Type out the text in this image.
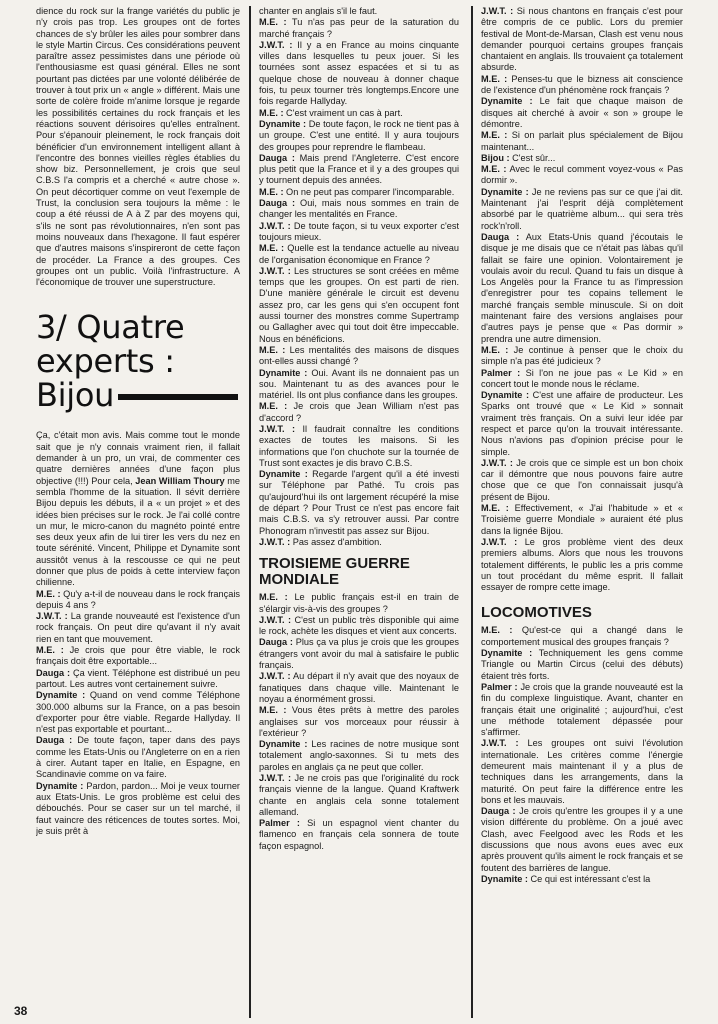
dience du rock sur la frange variétés du public je n'y crois pas trop. Les groupes ont de fortes chances de s'y brûler les ailes pour sombrer dans le style Martin Circus. Ces considérations peuvent paraître assez pessimistes dans une période où l'enthousiasme est quasi général. Elles ne sont pourtant pas dictées par une volonté délibérée de trouver à tout prix un « angle » différent. Mais une sorte de colère froide m'anime lorsque je regarde les possibilités certaines du rock français et les réactions souvent dérisoires qu'elles entraînent. Pour s'épanouir pleinement, le rock français doit bénéficier d'un environnement intelligent allant à l'encontre des bonnes vieilles règles établies du show biz. Personnellement, je crois que seul C.B.S l'a compris et a cherché « autre chose ». On peut décortiquer comme on veut l'exemple de Trust, la conclusion sera toujours la même : le coup a été réussi de A à Z par des moyens qui, s'ils ne sont pas révolutionnaires, n'en sont pas moins nouveaux dans l'hexagone. Il faut espérer que d'autres maisons s'inspireront de cette façon de procéder. La France a des groupes. Ces groupes ont un public. Voilà l'infrastructure. A l'économique de trouver une superstructure.

3/ Quatre experts : Bijou

Ça, c'était mon avis. Mais comme tout le monde sait que je n'y connais vraiment rien, il fallait demander à un pro, un vrai, de commenter ces quatre dernières années d'une façon plus objective (!!!) Pour cela, Jean William Thoury me sembla l'homme de la situation. Il sévit derrière Bijou depuis les débuts, il a « un projet » et des idées bien précises sur le rock. Je l'ai collé contre un mur, le micro-canon du magnéto pointé entre ses deux yeux afin de lui tirer les vers du nez en toute sérénité. Vincent, Philippe et Dynamite sont aussitôt venus à la rescousse ce qui ne peut donner que plus de poids à cette interview façon chilienne.

M.E. : Qu'y a-t-il de nouveau dans le rock français depuis 4 ans ?

J.W.T. : La grande nouveauté est l'existence d'un rock français. On peut dire qu'avant il n'y avait rien en tant que mouvement.

M.E. : Je crois que pour être viable, le rock français doit être exportable...

Dauga : Ça vient. Téléphone est distribué un peu partout. Les autres vont certainement suivre.

Dynamite : Quand on vend comme Téléphone 300.000 albums sur la France, on a pas besoin d'exporter pour être viable. Regarde Hallyday. Il n'est pas exportable et pourtant...

Dauga : De toute façon, taper dans des pays comme les Etats-Unis ou l'Angleterre on en a rien à cirer. Autant taper en Italie, en Espagne, en Scandinavie comme on va faire.

Dynamite : Pardon, pardon... Moi je veux tourner aux Etats-Unis. Le gros problème est celui des débouchés. Pour se caser sur un tel marché, il faut vaincre des réticences de toutes sortes. Moi, je suis prêt à

chanter en anglais s'il le faut.

M.E. : Tu n'as pas peur de la saturation du marché français ?

J.W.T. : Il y a en France au moins cinquante villes dans lesquelles tu peux jouer. Si les tournées sont assez espacées et si tu as quelque chose de nouveau à donner chaque fois, tu peux tourner très longtemps.Encore une fois regarde Hallyday.

M.E. : C'est vraiment un cas à part.

Dynamite : De toute façon, le rock ne tient pas à un groupe. C'est une entité. Il y aura toujours des groupes pour reprendre le flambeau.

Dauga : Mais prend l'Angleterre. C'est encore plus petit que la France et il y a des groupes qui y tournent depuis des années.

M.E. : On ne peut pas comparer l'incomparable.

Dauga : Oui, mais nous sommes en train de changer les mentalités en France.

J.W.T. : De toute façon, si tu veux exporter c'est toujours mieux.

M.E. : Quelle est la tendance actuelle au niveau de l'organisation économique en France ?

J.W.T. : Les structures se sont créées en même temps que les groupes. On est parti de rien. D'une manière générale le circuit est devenu assez pro, car les gens qui s'en occupent font aussi tourner des monstres comme Supertramp ou Gallagher avec qui tout doit être impeccable. Nous en bénéficions.

M.E. : Les mentalités des maisons de disques ont-elles aussi changé ?

Dynamite : Oui. Avant ils ne donnaient pas un sou. Maintenant tu as des avances pour le matériel. Ils ont plus confiance dans les groupes.

M.E. : Je crois que Jean William n'est pas d'accord ?

J.W.T. : Il faudrait connaître les conditions exactes de toutes les maisons. Si les informations que l'on chuchote sur la tournée de Trust sont exactes je dis bravo C.B.S.

Dynamite : Regarde l'argent qu'il a été investi sur Téléphone par Pathé. Tu crois pas qu'aujourd'hui ils ont largement récupéré la mise de départ ? Pour Trust ce n'est pas encore fait mais C.B.S. va s'y retrouver aussi. Par contre Phonogram n'investit pas assez sur Bijou.

J.W.T. : Pas assez d'ambition.

TROISIEME GUERRE MONDIALE

M.E. : Le public français est-il en train de s'élargir vis-à-vis des groupes ?

J.W.T. : C'est un public très disponible qui aime le rock, achète les disques et vient aux concerts.

Dauga : Plus ça va plus je crois que les groupes étrangers vont avoir du mal à satisfaire le public français.

J.W.T. : Au départ il n'y avait que des noyaux de fanatiques dans chaque ville. Maintenant le noyau a énormément grossi.

M.E. : Vous êtes prêts à mettre des paroles anglaises sur vos morceaux pour réussir à l'extérieur ?

Dynamite : Les racines de notre musique sont totalement anglo-saxonnes. Si tu mets des paroles en anglais ça ne peut que coller.

J.W.T. : Je ne crois pas que l'originalité du rock français vienne de la langue. Quand Kraftwerk chante en anglais cela sonne totalement allemand.

Palmer : Si un espagnol vient chanter du flamenco en français cela sonnera de toute façon espagnol.

J.W.T. : Si nous chantons en français c'est pour être compris de ce public. Lors du premier festival de Mont-de-Marsan, Clash est venu nous demander pourquoi certains groupes français chantaient en anglais. Ils trouvaient ça totalement absurde.

M.E. : Penses-tu que le bizness ait conscience de l'existence d'un phénomène rock français ?

Dynamite : Le fait que chaque maison de disques ait cherché à avoir « son » groupe le démontre.

M.E. : Si on parlait plus spécialement de Bijou maintenant...

Bijou : C'est sûr...

M.E. : Avec le recul comment voyez-vous « Pas dormir ».

Dynamite : Je ne reviens pas sur ce que j'ai dit. Maintenant j'ai l'esprit déjà complètement absorbé par le quatrième album... qui sera très rock'n'roll.

Dauga : Aux Etats-Unis quand j'écoutais le disque je me disais que ce n'était pas làbas qu'il fallait se faire une opinion. Volontairement je voulais avoir du recul. Quand tu fais un disque à Los Angelès pour la France tu as l'impression d'enregistrer pour tes copains tellement le marché français semble minuscule. Si on doit maintenant faire des versions anglaises pour d'autres pays je pense que « Pas dormir » prendra une autre dimension.

M.E. : Je continue à penser que le choix du simple n'a pas été judicieux ?

Palmer : Si l'on ne joue pas « Le Kid » en concert tout le monde nous le réclame.

Dynamite : C'est une affaire de producteur. Les Sparks ont trouvé que « Le Kid » sonnait vraiment très français. On a suivi leur idée par respect et parce qu'on la trouvait intéressante. Nous n'avions pas d'opinion précise pour le simple.

J.W.T. : Je crois que ce simple est un bon choix car il démontre que nous pouvons faire autre chose que ce que l'on connaissait jusqu'à présent de Bijou.

M.E. : Effectivement, « J'ai l'habitude » et « Troisième guerre Mondiale » auraient été plus dans la lignée Bijou.

J.W.T. : Le gros problème vient des deux premiers albums. Alors que nous les trouvons totalement différents, le public les a pris comme un tout procédant du même esprit. Il fallait essayer de rompre cette image.

LOCOMOTIVES

M.E. : Qu'est-ce qui a changé dans le comportement musical des groupes français ?

Dynamite : Techniquement les gens comme Triangle ou Martin Circus (celui des débuts) étaient très forts.

Palmer : Je crois que la grande nouveauté est la fin du complexe linguistique. Avant, chanter en français était une originalité ; aujourd'hui, c'est une méthode totalement dépassée pour s'affirmer.

J.W.T. : Les groupes ont suivi l'évolution internationale. Les critères comme l'énergie demeurent mais maintenant il y a plus de techniques dans les arrangements, dans la maturité. On peut faire la différence entre les bons et les mauvais.

Dauga : Je crois qu'entre les groupes il y a une vision différente du problème. On a joué avec Clash, avec Feelgood avec les Rods et les discussions que nous avons eues avec eux après prouvent qu'ils aiment le rock français et se foutent des barrières de langue.

Dynamite : Ce qui est intéressant c'est la

38
